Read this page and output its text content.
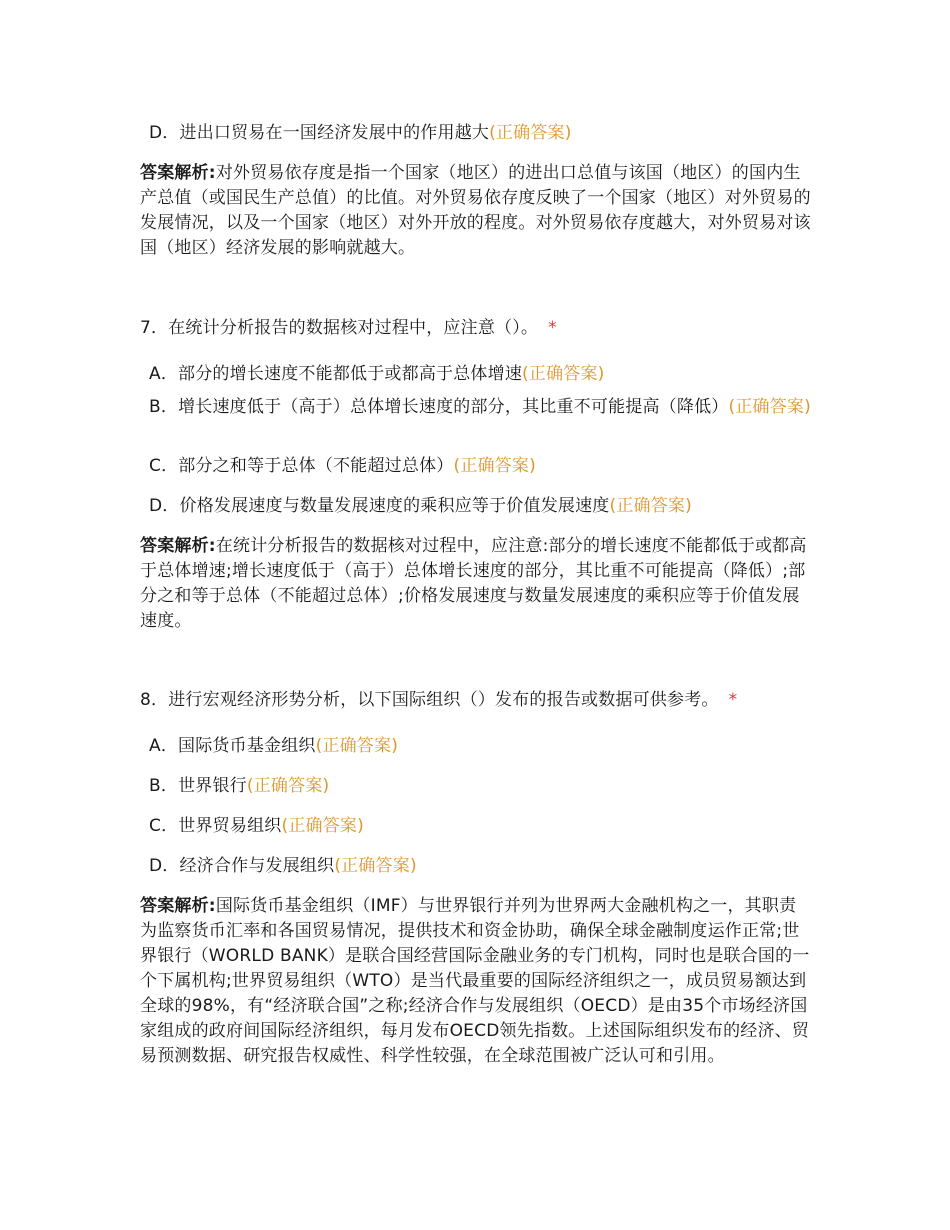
D．进出口贸易在一国经济发展中的作用越大(正确答案)
答案解析:对外贸易依存度是指一个国家（地区）的进出口总值与该国（地区）的国内生产总值（或国民生产总值）的比值。对外贸易依存度反映了一个国家（地区）对外贸易的发展情况，以及一个国家（地区）对外开放的程度。对外贸易依存度越大，对外贸易对该国（地区）经济发展的影响就越大。
7．在统计分析报告的数据核对过程中，应注意（）。 *
A．部分的增长速度不能都低于或都高于总体增速(正确答案)
B．增长速度低于（高于）总体增长速度的部分，其比重不可能提高（降低）(正确答案)
C．部分之和等于总体（不能超过总体）(正确答案)
D．价格发展速度与数量发展速度的乘积应等于价值发展速度(正确答案)
答案解析:在统计分析报告的数据核对过程中，应注意:部分的增长速度不能都低于或都高于总体增速;增长速度低于（高于）总体增长速度的部分，其比重不可能提高（降低）;部分之和等于总体（不能超过总体）;价格发展速度与数量发展速度的乘积应等于价值发展速度。
8．进行宏观经济形势分析，以下国际组织（）发布的报告或数据可供参考。 *
A．国际货币基金组织(正确答案)
B．世界银行(正确答案)
C．世界贸易组织(正确答案)
D．经济合作与发展组织(正确答案)
答案解析:国际货币基金组织（IMF）与世界银行并列为世界两大金融机构之一，其职责为监察货币汇率和各国贸易情况，提供技术和资金协助，确保全球金融制度运作正常;世界银行（WORLD BANK）是联合国经营国际金融业务的专门机构，同时也是联合国的一个下属机构;世界贸易组织（WTO）是当代最重要的国际经济组织之一，成员贸易额达到全球的98%，有“经济联合国”之称;经济合作与发展组织（OECD）是由35个市场经济国家组成的政府间国际经济组织，每月发布OECD领先指数。上述国际组织发布的经济、贸易预测数据、研究报告权威性、科学性较强，在全球范围被广泛认可和引用。
